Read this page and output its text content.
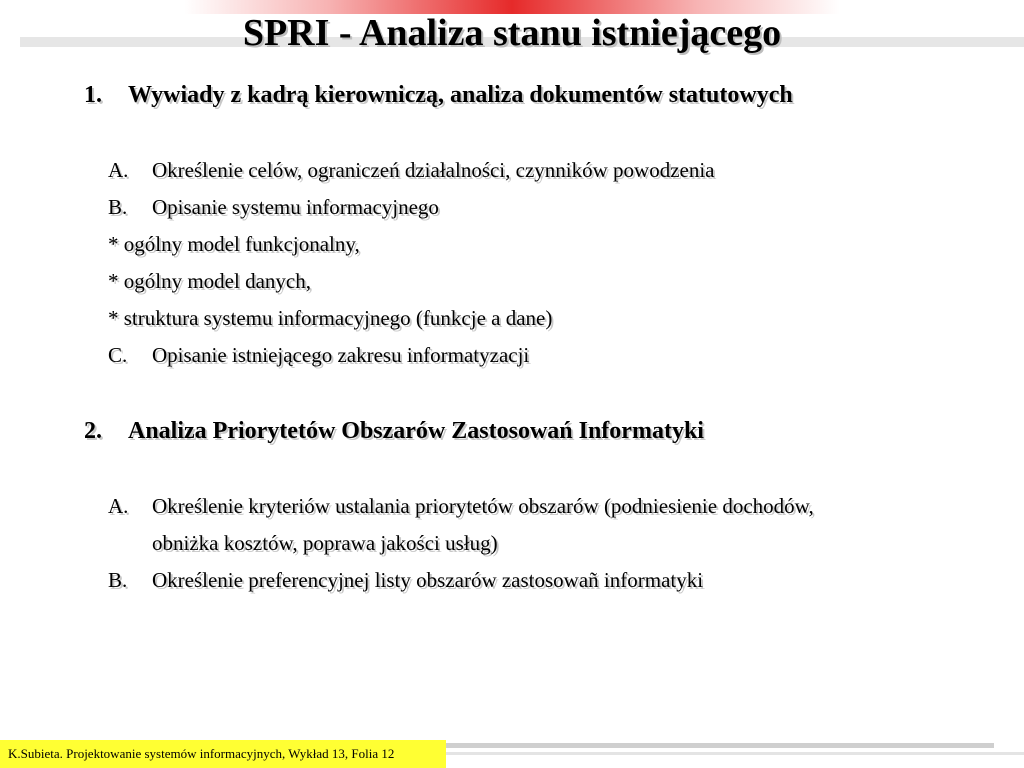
SPRI - Analiza stanu istniejącego
1. Wywiady z kadrą kierowniczą, analiza dokumentów statutowych
A. Określenie celów, ograniczeń działalności, czynników powodzenia
B. Opisanie systemu informacyjnego
* ogólny model funkcjonalny,
* ogólny model danych,
* struktura systemu informacyjnego (funkcje a dane)
C. Opisanie istniejącego zakresu informatyzacji
2. Analiza Priorytetów Obszarów Zastosowań Informatyki
A. Określenie kryteriów ustalania priorytetów obszarów (podniesienie dochodów,
obniżka kosztów, poprawa jakości usług)
B. Określenie preferencyjnej listy obszarów zastosowañ informatyki
K.Subieta. Projektowanie systemów informacyjnych, Wykład 13, Folia 12
